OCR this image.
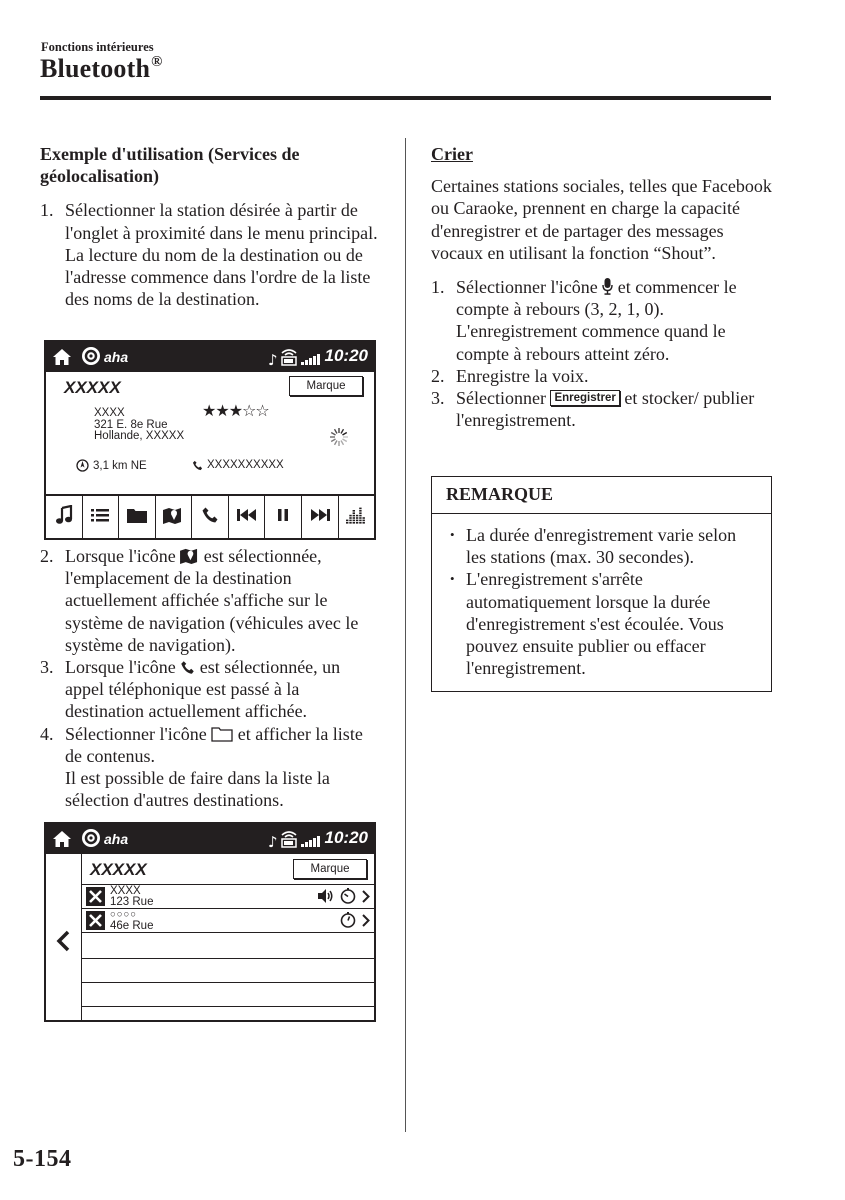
Fonctions intérieures
Bluetooth®
Exemple d'utilisation (Services de géolocalisation)
1. Sélectionner la station désirée à partir de l'onglet à proximité dans le menu principal.
La lecture du nom de la destination ou de l'adresse commence dans l'ordre de la liste des noms de la destination.
aha	♪	10:20
XXXXX	Marque
XXXX
321 E. 8e Rue
Hollande, XXXXX
★★★☆☆
3,1 km NE	XXXXXXXXXX
2. Lorsque l'icône est sélectionnée, l'emplacement de la destination actuellement affichée s'affiche sur le système de navigation (véhicules avec le système de navigation).
3. Lorsque l'icône est sélectionnée, un appel téléphonique est passé à la destination actuellement affichée.
4. Sélectionner l'icône et afficher la liste de contenus.
Il est possible de faire dans la liste la sélection d'autres destinations.
aha	♪	10:20
XXXXX	Marque
XXXX
123 Rue
○○○○
46e Rue
Crier
Certaines stations sociales, telles que Facebook ou Caraoke, prennent en charge la capacité d'enregistrer et de partager des messages vocaux en utilisant la fonction “Shout”.
1. Sélectionner l'icône et commencer le compte à rebours (3, 2, 1, 0).
L'enregistrement commence quand le compte à rebours atteint zéro.
2. Enregistre la voix.
3. Sélectionner Enregistrer et stocker/ publier l'enregistrement.
REMARQUE
• La durée d'enregistrement varie selon les stations (max. 30 secondes).
• L'enregistrement s'arrête automatiquement lorsque la durée d'enregistrement s'est écoulée. Vous pouvez ensuite publier ou effacer l'enregistrement.
5-154
